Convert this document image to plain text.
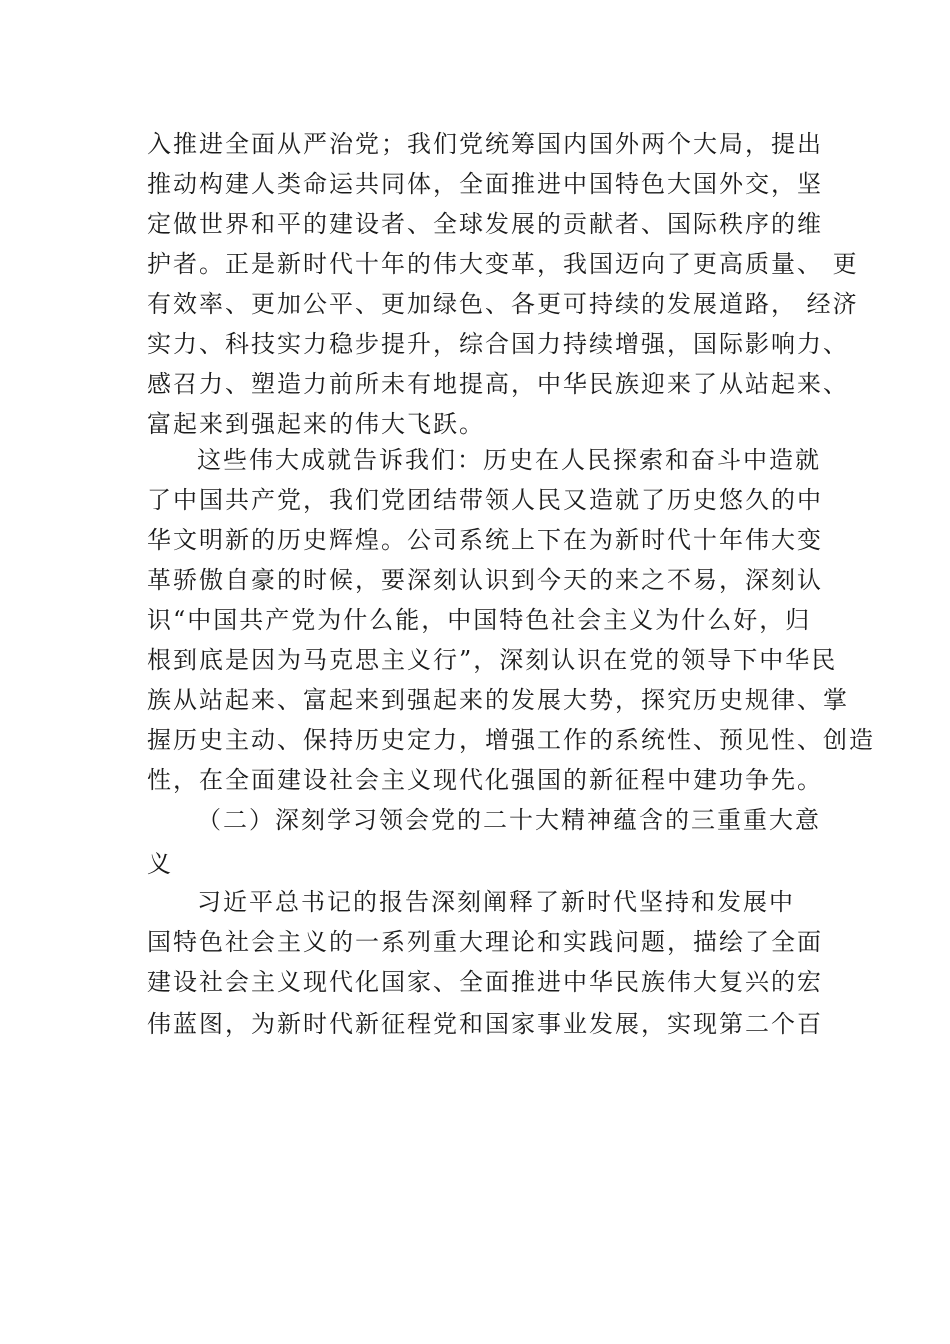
入推进全面从严治党；我们党统筹国内国外两个大局，提出
推动构建人类命运共同体，全面推进中国特色大国外交，坚
定做世界和平的建设者、全球发展的贡献者、国际秩序的维
护者。正是新时代十年的伟大变革，我国迈向了更高质量、 更
有效率、更加公平、更加绿色、各更可持续的发展道路， 经济
实力、科技实力稳步提升，综合国力持续增强，国际影响力、
感召力、塑造力前所未有地提高，中华民族迎来了从站起来、
富起来到强起来的伟大飞跃。
这些伟大成就告诉我们：历史在人民探索和奋斗中造就
了中国共产党，我们党团结带领人民又造就了历史悠久的中
华文明新的历史辉煌。公司系统上下在为新时代十年伟大变
革骄傲自豪的时候，要深刻认识到今天的来之不易，深刻认
识“中国共产党为什么能，中国特色社会主义为什么好，归
根到底是因为马克思主义行”，深刻认识在党的领导下中华民
族从站起来、富起来到强起来的发展大势，探究历史规律、掌
握历史主动、保持历史定力，增强工作的系统性、预见性、创造
性，在全面建设社会主义现代化强国的新征程中建功争先。
（二）深刻学习领会党的二十大精神蕴含的三重重大意
义
习近平总书记的报告深刻阐释了新时代坚持和发展中
国特色社会主义的一系列重大理论和实践问题，描绘了全面
建设社会主义现代化国家、全面推进中华民族伟大复兴的宏
伟蓝图，为新时代新征程党和国家事业发展，实现第二个百
